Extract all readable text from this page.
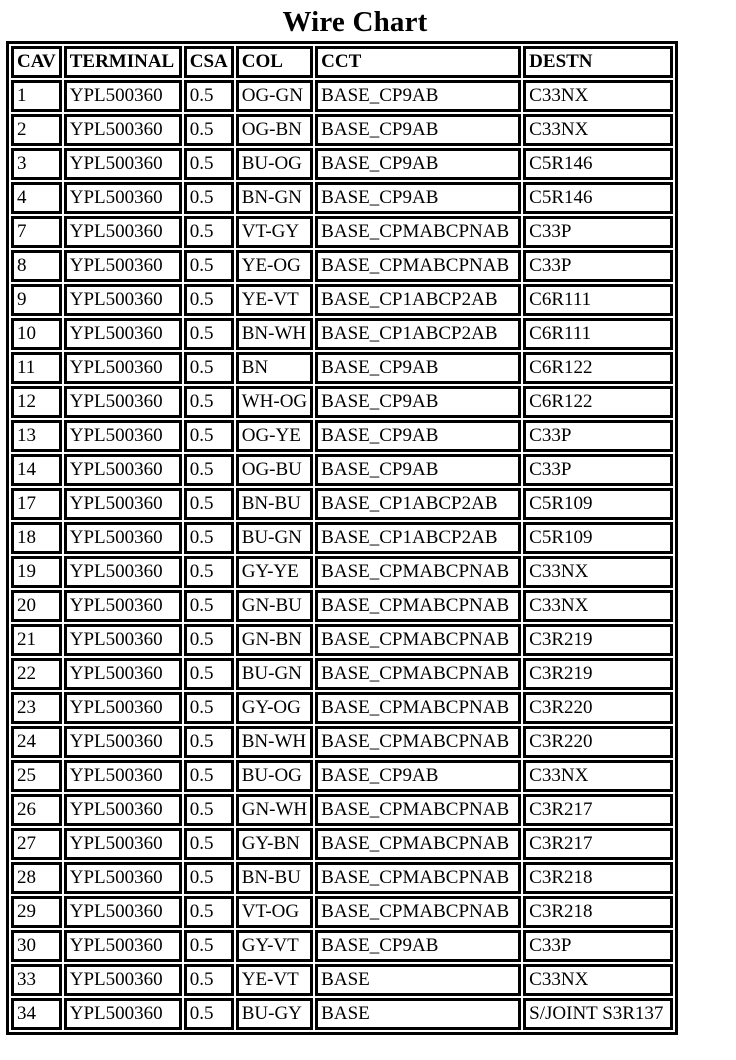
Wire Chart
CAV	TERMINAL	CSA	COL	CCT	DESTN
1	YPL500360	0.5	OG-GN	BASE_CP9AB	C33NX
2	YPL500360	0.5	OG-BN	BASE_CP9AB	C33NX
3	YPL500360	0.5	BU-OG	BASE_CP9AB	C5R146
4	YPL500360	0.5	BN-GN	BASE_CP9AB	C5R146
7	YPL500360	0.5	VT-GY	BASE_CPMABCPNAB	C33P
8	YPL500360	0.5	YE-OG	BASE_CPMABCPNAB	C33P
9	YPL500360	0.5	YE-VT	BASE_CP1ABCP2AB	C6R111
10	YPL500360	0.5	BN-WH	BASE_CP1ABCP2AB	C6R111
11	YPL500360	0.5	BN	BASE_CP9AB	C6R122
12	YPL500360	0.5	WH-OG	BASE_CP9AB	C6R122
13	YPL500360	0.5	OG-YE	BASE_CP9AB	C33P
14	YPL500360	0.5	OG-BU	BASE_CP9AB	C33P
17	YPL500360	0.5	BN-BU	BASE_CP1ABCP2AB	C5R109
18	YPL500360	0.5	BU-GN	BASE_CP1ABCP2AB	C5R109
19	YPL500360	0.5	GY-YE	BASE_CPMABCPNAB	C33NX
20	YPL500360	0.5	GN-BU	BASE_CPMABCPNAB	C33NX
21	YPL500360	0.5	GN-BN	BASE_CPMABCPNAB	C3R219
22	YPL500360	0.5	BU-GN	BASE_CPMABCPNAB	C3R219
23	YPL500360	0.5	GY-OG	BASE_CPMABCPNAB	C3R220
24	YPL500360	0.5	BN-WH	BASE_CPMABCPNAB	C3R220
25	YPL500360	0.5	BU-OG	BASE_CP9AB	C33NX
26	YPL500360	0.5	GN-WH	BASE_CPMABCPNAB	C3R217
27	YPL500360	0.5	GY-BN	BASE_CPMABCPNAB	C3R217
28	YPL500360	0.5	BN-BU	BASE_CPMABCPNAB	C3R218
29	YPL500360	0.5	VT-OG	BASE_CPMABCPNAB	C3R218
30	YPL500360	0.5	GY-VT	BASE_CP9AB	C33P
33	YPL500360	0.5	YE-VT	BASE	C33NX
34	YPL500360	0.5	BU-GY	BASE	S/JOINT S3R137
